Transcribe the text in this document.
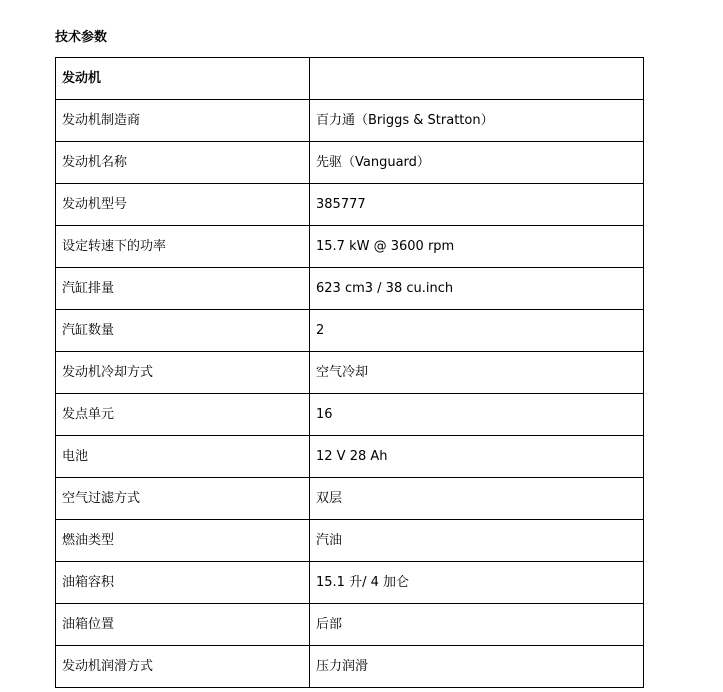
技术参数
发动机	
发动机制造商	百力通（Briggs & Stratton）
发动机名称	先驱（Vanguard）
发动机型号	385777
设定转速下的功率	15.7 kW @ 3600 rpm
汽缸排量	623 cm3 / 38 cu.inch
汽缸数量	2
发动机冷却方式	空气冷却
发点单元	16
电池	12 V 28 Ah
空气过滤方式	双层
燃油类型	汽油
油箱容积	15.1 升/ 4 加仑
油箱位置	后部
发动机润滑方式	压力润滑
